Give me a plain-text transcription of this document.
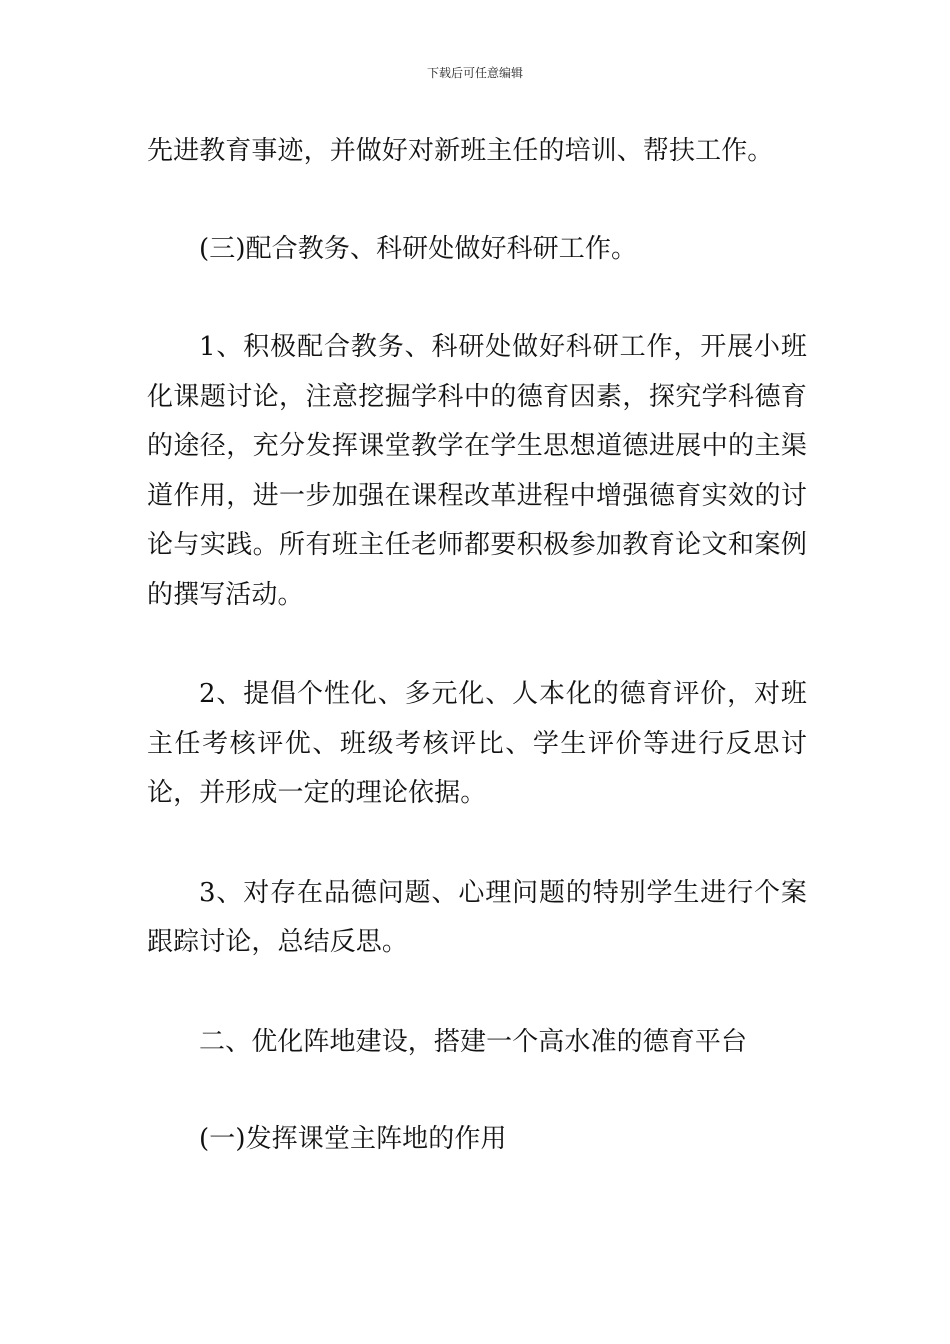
下载后可任意编辑

先进教育事迹，并做好对新班主任的培训、帮扶工作。

(三)配合教务、科研处做好科研工作。

1、积极配合教务、科研处做好科研工作，开展小班化课题讨论，注意挖掘学科中的德育因素，探究学科德育的途径，充分发挥课堂教学在学生思想道德进展中的主渠道作用，进一步加强在课程改革进程中增强德育实效的讨论与实践。所有班主任老师都要积极参加教育论文和案例的撰写活动。

2、提倡个性化、多元化、人本化的德育评价，对班主任考核评优、班级考核评比、学生评价等进行反思讨论，并形成一定的理论依据。

3、对存在品德问题、心理问题的特别学生进行个案跟踪讨论，总结反思。

二、优化阵地建设，搭建一个高水准的德育平台

(一)发挥课堂主阵地的作用
